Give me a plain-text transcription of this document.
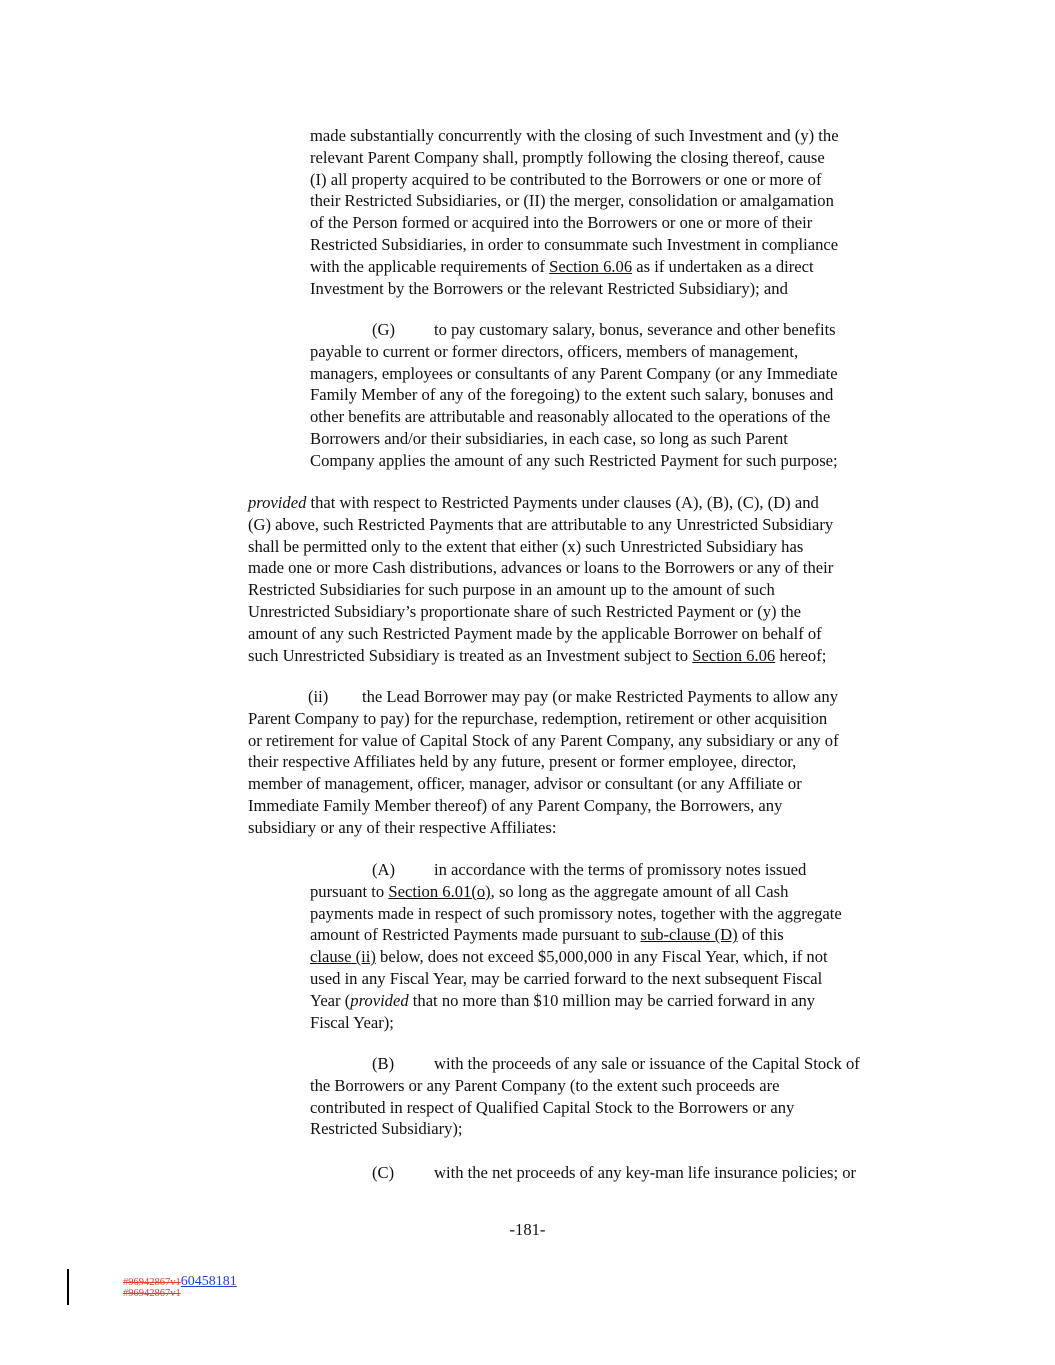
made substantially concurrently with the closing of such Investment and (y) the
relevant Parent Company shall, promptly following the closing thereof, cause
(I) all property acquired to be contributed to the Borrowers or one or more of
their Restricted Subsidiaries, or (II) the merger, consolidation or amalgamation
of the Person formed or acquired into the Borrowers or one or more of their
Restricted Subsidiaries, in order to consummate such Investment in compliance
with the applicable requirements of Section 6.06 as if undertaken as a direct
Investment by the Borrowers or the relevant Restricted Subsidiary); and
(G) to pay customary salary, bonus, severance and other benefits
payable to current or former directors, officers, members of management,
managers, employees or consultants of any Parent Company (or any Immediate
Family Member of any of the foregoing) to the extent such salary, bonuses and
other benefits are attributable and reasonably allocated to the operations of the
Borrowers and/or their subsidiaries, in each case, so long as such Parent
Company applies the amount of any such Restricted Payment for such purpose;
provided that with respect to Restricted Payments under clauses (A), (B), (C), (D) and
(G) above, such Restricted Payments that are attributable to any Unrestricted Subsidiary
shall be permitted only to the extent that either (x) such Unrestricted Subsidiary has
made one or more Cash distributions, advances or loans to the Borrowers or any of their
Restricted Subsidiaries for such purpose in an amount up to the amount of such
Unrestricted Subsidiary’s proportionate share of such Restricted Payment or (y) the
amount of any such Restricted Payment made by the applicable Borrower on behalf of
such Unrestricted Subsidiary is treated as an Investment subject to Section 6.06 hereof;
(ii) the Lead Borrower may pay (or make Restricted Payments to allow any
Parent Company to pay) for the repurchase, redemption, retirement or other acquisition
or retirement for value of Capital Stock of any Parent Company, any subsidiary or any of
their respective Affiliates held by any future, present or former employee, director,
member of management, officer, manager, advisor or consultant (or any Affiliate or
Immediate Family Member thereof) of any Parent Company, the Borrowers, any
subsidiary or any of their respective Affiliates:
(A) in accordance with the terms of promissory notes issued
pursuant to Section 6.01(o), so long as the aggregate amount of all Cash
payments made in respect of such promissory notes, together with the aggregate
amount of Restricted Payments made pursuant to sub-clause (D) of this
clause (ii) below, does not exceed $5,000,000 in any Fiscal Year, which, if not
used in any Fiscal Year, may be carried forward to the next subsequent Fiscal
Year (provided that no more than $10 million may be carried forward in any
Fiscal Year);
(B) with the proceeds of any sale or issuance of the Capital Stock of
the Borrowers or any Parent Company (to the extent such proceeds are
contributed in respect of Qualified Capital Stock to the Borrowers or any
Restricted Subsidiary);
(C) with the net proceeds of any key-man life insurance policies; or
-181-
#96942867v160458181
#96942867v1
